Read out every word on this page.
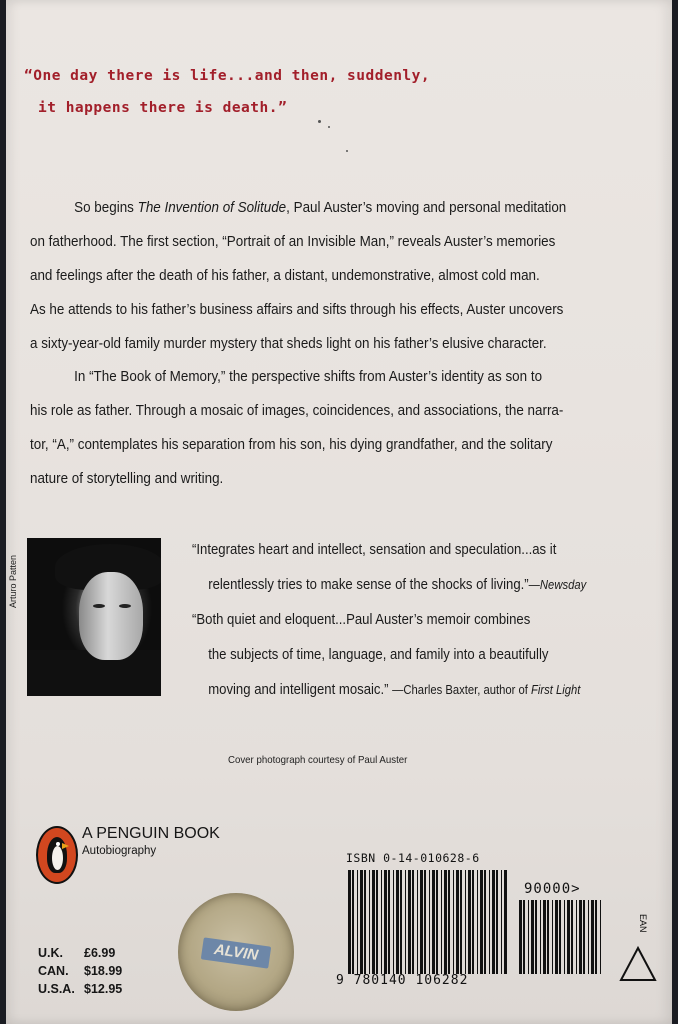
“One day there is life...and then, suddenly,
it happens there is death.”

So begins The Invention of Solitude, Paul Auster’s moving and personal meditation

on fatherhood. The first section, “Portrait of an Invisible Man,” reveals Auster’s memories
and feelings after the death of his father, a distant, undemonstrative, almost cold man.
As he attends to his father’s business affairs and sifts through his effects, Auster uncovers
a sixty-year-old family murder mystery that sheds light on his father’s elusive character.

In “The Book of Memory,” the perspective shifts from Auster’s identity as son to

his role as father. Through a mosaic of images, coincidences, and associations, the narra-
tor, “A,” contemplates his separation from his son, his dying grandfather, and the solitary
nature of storytelling and writing.
Arturo Patten
“Integrates heart and intellect, sensation and speculation...as it
relentlessly tries to make sense of the shocks of living.”—Newsday
“Both quiet and eloquent...Paul Auster’s memoir combines
the subjects of time, language, and family into a beautifully
moving and intelligent mosaic.” —Charles Baxter, author of First Light
Cover photograph courtesy of Paul Auster
A PENGUIN BOOK
Autobiography
U.K.	£6.99
CAN.	$18.99
U.S.A. $12.95
ALVIN
ISBN 0-14-010628-6
90000>
9 780140 106282
EAN
